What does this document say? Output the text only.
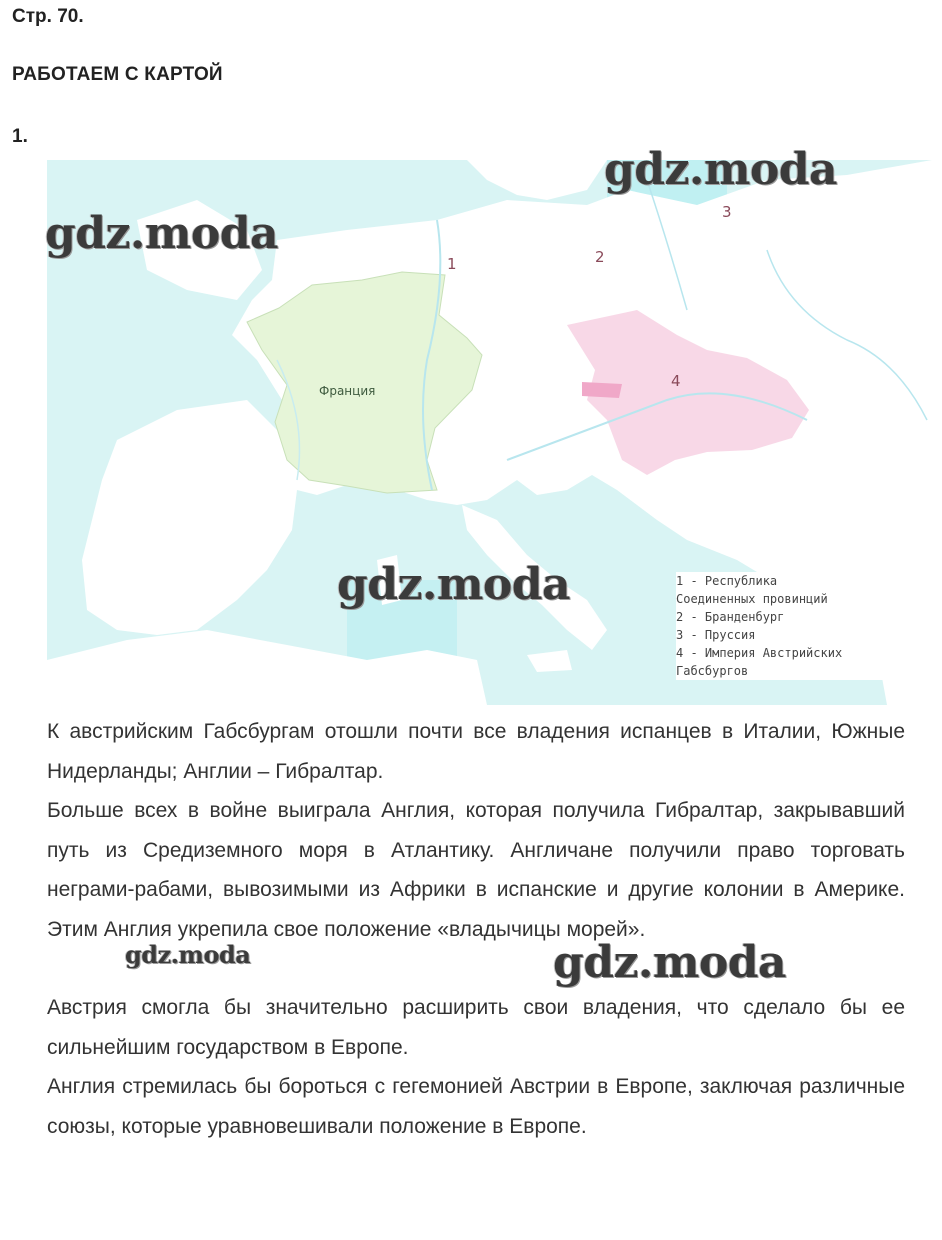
Стр. 70.
РАБОТАЕМ С КАРТОЙ
1.
1	2
3
4
Франция
1 - Республика
Соединенных провинций
2 - Бранденбург
3 - Пруссия
4 - Империя Австрийских
Габсбургов
gdz.moda
gdz.moda
gdz.moda
gdz.moda	gdz.moda

К австрийским Габсбургам отошли почти все владения испанцев в Италии, Южные Нидерланды; Англии – Гибралтар.

Больше всех в войне выиграла Англия, которая получила Гибралтар, закрывавший путь из Средиземного моря в Атлантику. Англичане получили право торговать неграми-рабами, вывозимыми из Африки в испанские и другие колонии в Америке. Этим Англия укрепила свое положение «владычицы морей».

Австрия смогла бы значительно расширить свои владения, что сделало бы ее сильнейшим государством в Европе.

Англия стремилась бы бороться с гегемонией Австрии в Европе, заключая различные союзы, которые уравновешивали положение в Европе.
